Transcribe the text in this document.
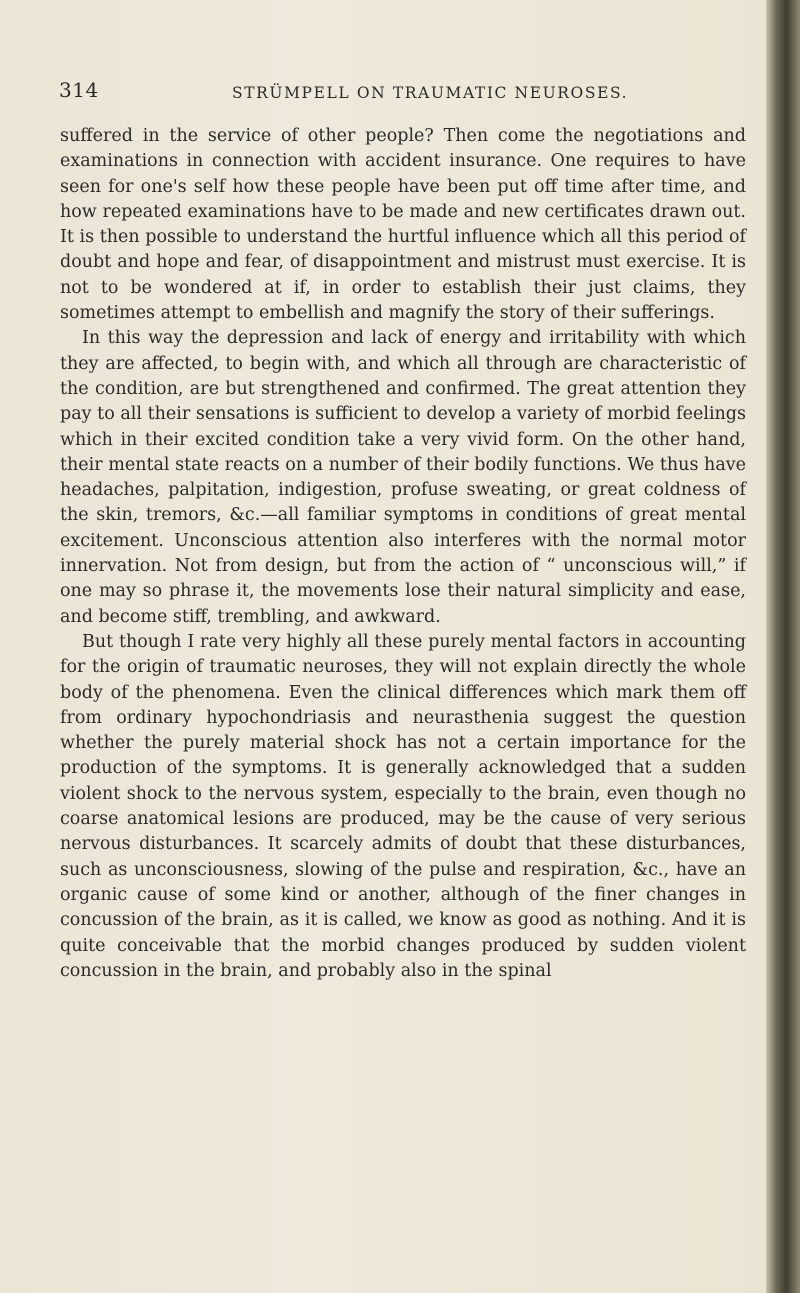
314	STRÜMPELL ON TRAUMATIC NEUROSES.

suffered in the service of other people? Then come the negotiations and examinations in connection with accident insurance. One requires to have seen for one's self how these people have been put off time after time, and how repeated examinations have to be made and new certificates drawn out. It is then possible to understand the hurtful influence which all this period of doubt and hope and fear, of disappointment and mistrust must exercise. It is not to be wondered at if, in order to establish their just claims, they sometimes attempt to embellish and magnify the story of their sufferings.

In this way the depression and lack of energy and irritability with which they are affected, to begin with, and which all through are characteristic of the condition, are but strengthened and confirmed. The great attention they pay to all their sensations is sufficient to develop a variety of morbid feelings which in their excited condition take a very vivid form. On the other hand, their mental state reacts on a number of their bodily functions. We thus have headaches, palpitation, indigestion, profuse sweating, or great coldness of the skin, tremors, &c.—all familiar symptoms in conditions of great mental excitement. Unconscious attention also interferes with the normal motor innervation. Not from design, but from the action of “ unconscious will,” if one may so phrase it, the movements lose their natural simplicity and ease, and become stiff, trembling, and awkward.

But though I rate very highly all these purely mental factors in accounting for the origin of traumatic neuroses, they will not explain directly the whole body of the phenomena. Even the clinical differences which mark them off from ordinary hypochondriasis and neurasthenia suggest the question whether the purely material shock has not a certain importance for the production of the symptoms. It is generally acknowledged that a sudden violent shock to the nervous system, especially to the brain, even though no coarse anatomical lesions are produced, may be the cause of very serious nervous disturbances. It scarcely admits of doubt that these disturbances, such as unconsciousness, slowing of the pulse and respiration, &c., have an organic cause of some kind or another, although of the finer changes in concussion of the brain, as it is called, we know as good as nothing. And it is quite conceivable that the morbid changes produced by sudden violent concussion in the brain, and probably also in the spinal
